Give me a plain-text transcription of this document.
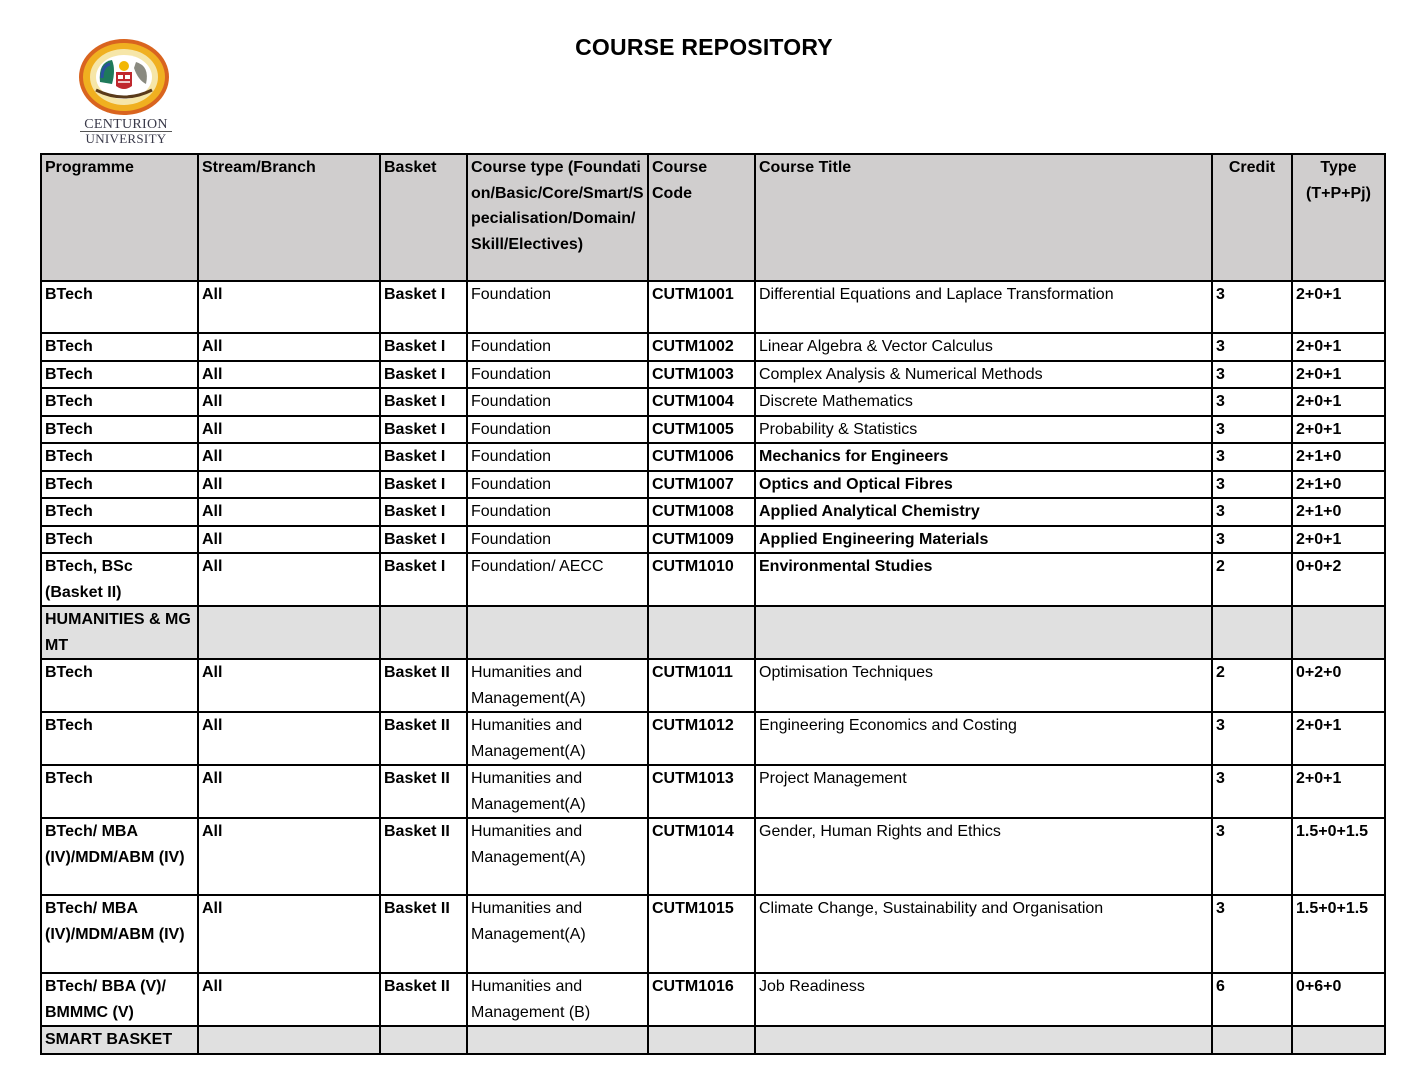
CENTURION
UNIVERSITY
COURSE REPOSITORY
Programme	Stream/Branch	Basket	Course type (Foundation/Basic/Core/Smart/Specialisation/Domain/Skill/Electives)	Course Code	Course Title	Credit	Type (T+P+Pj)
BTech	All	Basket I	Foundation	CUTM1001	Differential Equations and Laplace Transformation	3	2+0+1
BTech	All	Basket I	Foundation	CUTM1002	Linear Algebra & Vector Calculus	3	2+0+1
BTech	All	Basket I	Foundation	CUTM1003	Complex Analysis & Numerical Methods	3	2+0+1
BTech	All	Basket I	Foundation	CUTM1004	Discrete Mathematics	3	2+0+1
BTech	All	Basket I	Foundation	CUTM1005	Probability & Statistics	3	2+0+1
BTech	All	Basket I	Foundation	CUTM1006	Mechanics for Engineers	3	2+1+0
BTech	All	Basket I	Foundation	CUTM1007	Optics and Optical Fibres	3	2+1+0
BTech	All	Basket I	Foundation	CUTM1008	Applied Analytical Chemistry	3	2+1+0
BTech	All	Basket I	Foundation	CUTM1009	Applied Engineering Materials	3	2+0+1
BTech, BSc (Basket II)	All	Basket I	Foundation/ AECC	CUTM1010	Environmental Studies	2	0+0+2
HUMANITIES & MGMT							
BTech	All	Basket II	Humanities and Management(A)	CUTM1011	Optimisation Techniques	2	0+2+0
BTech	All	Basket II	Humanities and Management(A)	CUTM1012	Engineering Economics and Costing	3	2+0+1
BTech	All	Basket II	Humanities and Management(A)	CUTM1013	Project Management	3	2+0+1
BTech/ MBA (IV)/MDM/ABM (IV)	All	Basket II	Humanities and Management(A)	CUTM1014	Gender, Human Rights and Ethics	3	1.5+0+1.5
BTech/ MBA (IV)/MDM/ABM (IV)	All	Basket II	Humanities and Management(A)	CUTM1015	Climate Change, Sustainability and Organisation	3	1.5+0+1.5
BTech/ BBA (V)/ BMMMC (V)	All	Basket II	Humanities and Management (B)	CUTM1016	Job Readiness	6	0+6+0
SMART BASKET							
